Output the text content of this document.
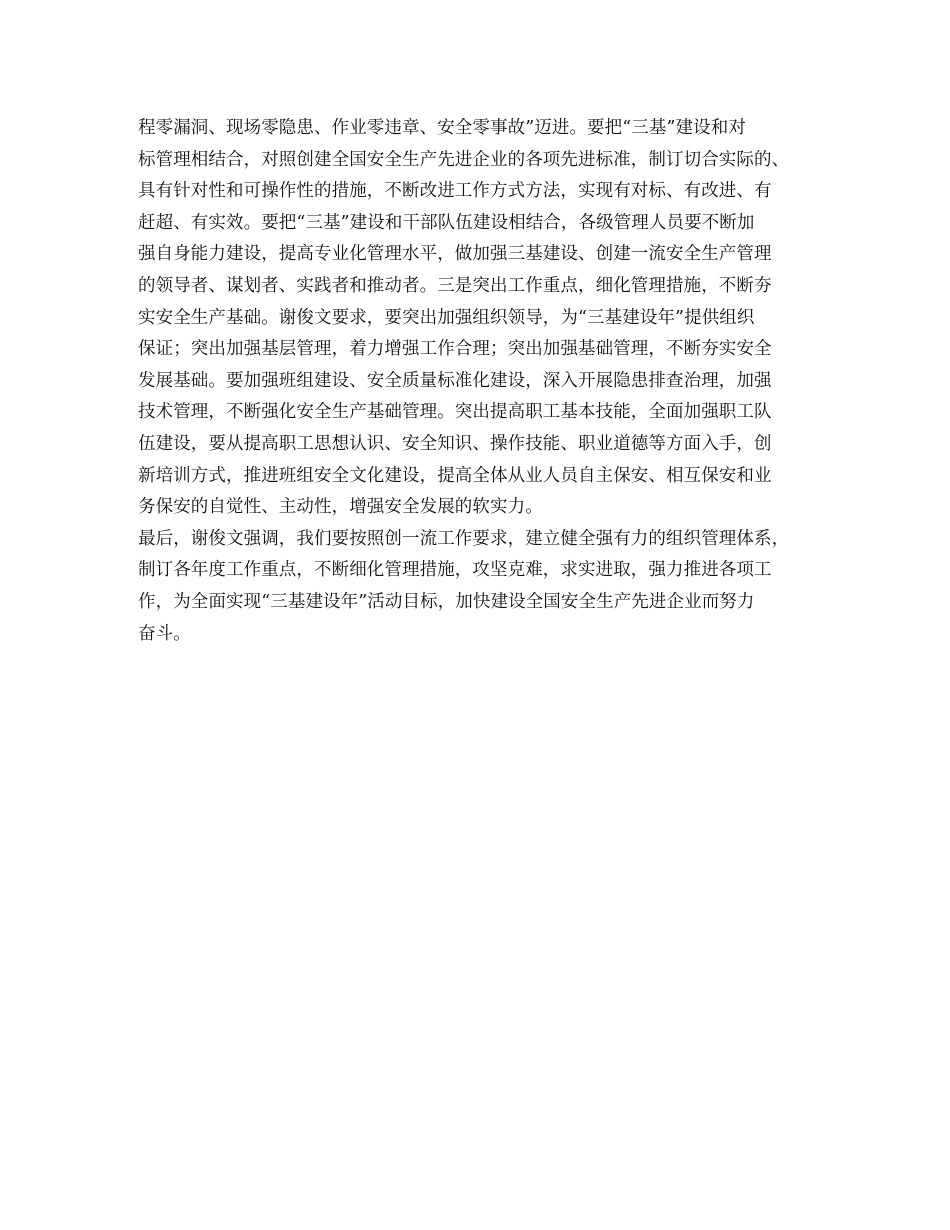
程零漏洞、现场零隐患、作业零违章、安全零事故”迈进。要把“三基”建设和对
标管理相结合，对照创建全国安全生产先进企业的各项先进标准，制订切合实际的、
具有针对性和可操作性的措施，不断改进工作方式方法，实现有对标、有改进、有
赶超、有实效。要把“三基”建设和干部队伍建设相结合，各级管理人员要不断加
强自身能力建设，提高专业化管理水平，做加强三基建设、创建一流安全生产管理
的领导者、谋划者、实践者和推动者。三是突出工作重点，细化管理措施，不断夯
实安全生产基础。谢俊文要求，要突出加强组织领导，为“三基建设年”提供组织
保证；突出加强基层管理，着力增强工作合理；突出加强基础管理，不断夯实安全
发展基础。要加强班组建设、安全质量标准化建设，深入开展隐患排查治理，加强
技术管理，不断强化安全生产基础管理。突出提高职工基本技能，全面加强职工队
伍建设，要从提高职工思想认识、安全知识、操作技能、职业道德等方面入手，创
新培训方式，推进班组安全文化建设，提高全体从业人员自主保安、相互保安和业
务保安的自觉性、主动性，增强安全发展的软实力。
最后，谢俊文强调，我们要按照创一流工作要求，建立健全强有力的组织管理体系，
制订各年度工作重点，不断细化管理措施，攻坚克难，求实进取，强力推进各项工
作，为全面实现“三基建设年”活动目标，加快建设全国安全生产先进企业而努力
奋斗。
